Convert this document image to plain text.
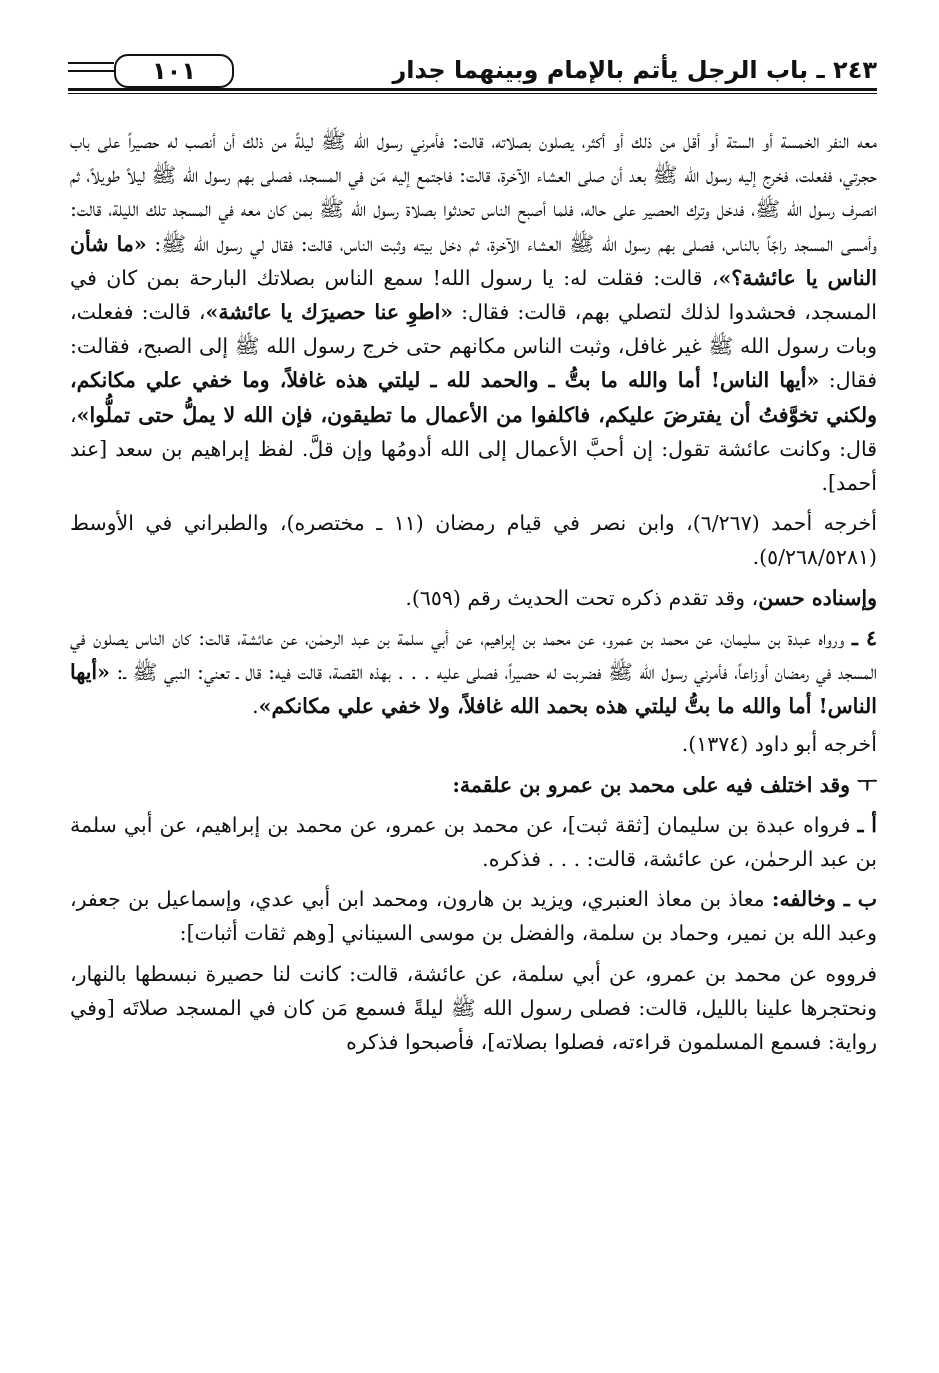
٢٤٣ ـ باب الرجل يأتم بالإمام وبينهما جدار
١٠١

معه النفر الخمسة أو الستة أو أقل من ذلك أو أكثر، يصلون بصلاته، قالت: فأمرني رسول الله ﷺ ليلةً من ذلك أن أنصب له حصيراً على باب حجرتي، ففعلت، فخرج إليه رسول الله ﷺ بعد أن صلى العشاء الآخرة، قالت: فاجتمع إليه مَن في المسجد، فصلى بهم رسول الله ﷺ ليلاً طويلاً، ثم انصرف رسول الله ﷺ، فدخل وترك الحصير على حاله، فلما أصبح الناس تحدثوا بصلاة رسول الله ﷺ بمن كان معه في المسجد تلك الليلة، قالت: وأمسى المسجد راجّاً بالناس، فصلى بهم رسول الله ﷺ العشاء الآخرة، ثم دخل بيته وثبت الناس، قالت: فقال لي رسول الله ﷺ: «ما شأن الناس يا عائشة؟»، قالت: فقلت له: يا رسول الله! سمع الناس بصلاتك البارحة بمن كان في المسجد، فحشدوا لذلك لتصلي بهم، قالت: فقال: «اطوِ عنا حصيرَك يا عائشة»، قالت: ففعلت، وبات رسول الله ﷺ غير غافل، وثبت الناس مكانهم حتى خرج رسول الله ﷺ إلى الصبح، فقالت: فقال: «أيها الناس! أما والله ما بتُّ ـ والحمد لله ـ ليلتي هذه غافلاً، وما خفي علي مكانكم، ولكني تخوَّفتُ أن يفترضَ عليكم، فاكلفوا من الأعمال ما تطيقون، فإن الله لا يملُّ حتى تملُّوا»، قال: وكانت عائشة تقول: إن أحبَّ الأعمال إلى الله أدومُها وإن قلَّ. لفظ إبراهيم بن سعد [عند أحمد].

أخرجه أحمد (٦/٢٦٧)، وابن نصر في قيام رمضان (١١ ـ مختصره)، والطبراني في الأوسط (٥/٢٦٨/٥٢٨١).

وإسناده حسن، وقد تقدم ذكره تحت الحديث رقم (٦٥٩).

٤ ـ ورواه عبدة بن سليمان، عن محمد بن عمرو، عن محمد بن إبراهيم، عن أبي سلمة بن عبد الرحمٰن، عن عائشة، قالت: كان الناس يصلون في المسجد في رمضان أوزاعاً، فأمرني رسول الله ﷺ فضربت له حصيراً، فصلى عليه . . . بهذه القصة، قالت فيه: قال ـ تعني: النبي ﷺ ـ: «أيها الناس! أما والله ما بتُّ ليلتي هذه بحمد الله غافلاً، ولا خفي علي مكانكم».

أخرجه أبو داود (١٣٧٤).

ￓ وقد اختلف فيه على محمد بن عمرو بن علقمة:

أ ـ فرواه عبدة بن سليمان [ثقة ثبت]، عن محمد بن عمرو، عن محمد بن إبراهيم، عن أبي سلمة بن عبد الرحمٰن، عن عائشة، قالت: . . . فذكره.

ب ـ وخالفه: معاذ بن معاذ العنبري، ويزيد بن هارون، ومحمد ابن أبي عدي، وإسماعيل بن جعفر، وعبد الله بن نمير، وحماد بن سلمة، والفضل بن موسى السيناني [وهم ثقات أثبات]:

فرووه عن محمد بن عمرو، عن أبي سلمة، عن عائشة، قالت: كانت لنا حصيرة نبسطها بالنهار، ونحتجرها علينا بالليل، قالت: فصلى رسول الله ﷺ ليلةً فسمع مَن كان في المسجد صلاتَه [وفي رواية: فسمع المسلمون قراءته، فصلوا بصلاته]، فأصبحوا فذكره
